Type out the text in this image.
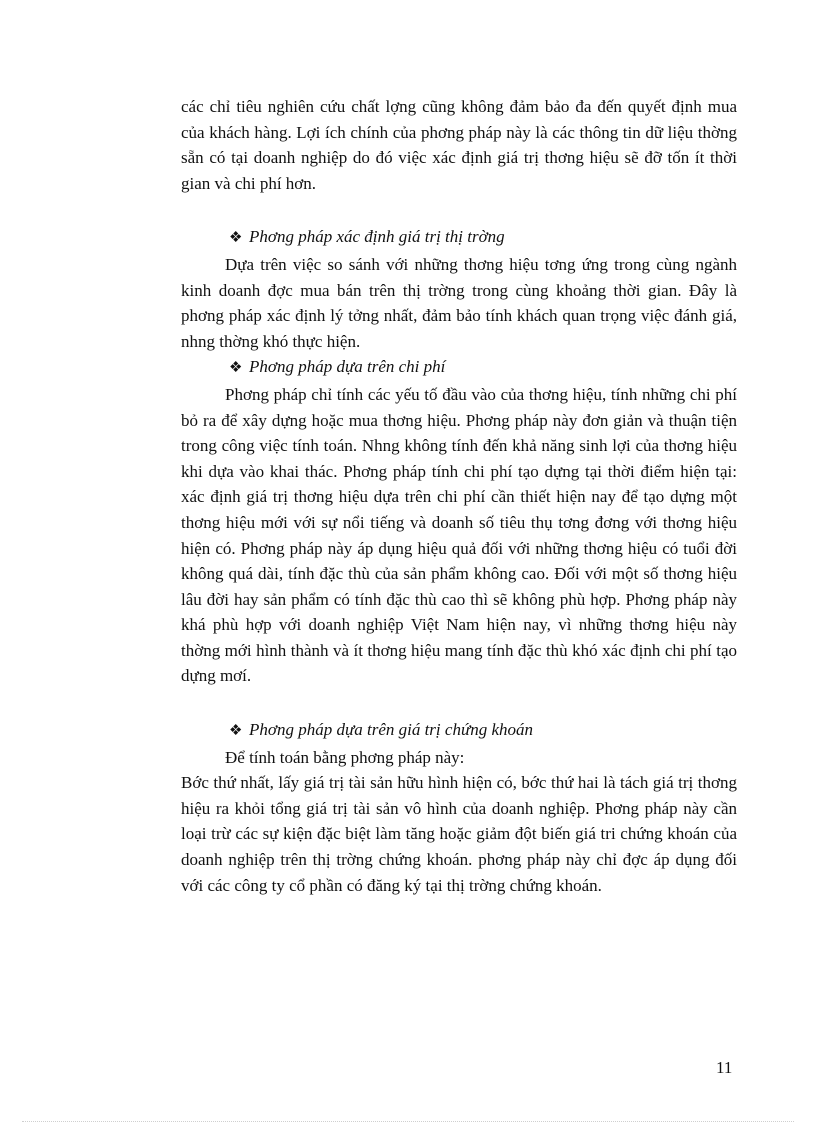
các chỉ tiêu nghiên cứu chất lợng cũng không đảm bảo đa đến quyết định mua của khách hàng. Lợi ích chính của phơng pháp này là các thông tin dữ liệu thờng sẵn có tại doanh nghiệp do đó việc xác định giá trị thơng hiệu sẽ đỡ tốn ít thời gian và chi phí hơn.

❖ Phơng pháp xác định giá trị thị trờng

Dựa trên việc so sánh với những thơng hiệu tơng ứng trong cùng ngành kinh doanh đợc mua bán trên thị trờng trong cùng khoảng thời gian. Đây là phơng pháp xác định lý tởng nhất, đảm bảo tính khách quan trọng việc đánh giá, nhng thờng khó thực hiện.

❖ Phơng pháp dựa trên chi phí

Phơng pháp chỉ tính các yếu tố đầu vào của thơng hiệu, tính những chi phí bỏ ra để xây dựng hoặc mua thơng hiệu. Phơng pháp này đơn giản và thuận tiện trong công việc tính toán. Nhng không tính đến khả năng sinh lợi của thơng hiệu khi dựa vào khai thác. Phơng pháp tính chi phí tạo dựng tại thời điểm hiện tại: xác định giá trị thơng hiệu dựa trên chi phí cần thiết hiện nay để tạo dựng một thơng hiệu mới với sự nổi tiếng và doanh số tiêu thụ tơng đơng với thơng hiệu hiện có. Phơng pháp này áp dụng hiệu quả đối với những thơng hiệu có tuổi đời không quá dài, tính đặc thù của sản phẩm không cao. Đối với một số thơng hiệu lâu đời hay sản phẩm có tính đặc thù cao thì sẽ không phù hợp. Phơng pháp này khá phù hợp với doanh nghiệp Việt Nam hiện nay, vì những thơng hiệu này thờng mới hình thành và ít thơng hiệu mang tính đặc thù khó xác định chi phí tạo dựng mơí.

❖ Phơng pháp dựa trên giá trị chứng khoán

Để tính toán bằng phơng pháp này:

Bớc thứ nhất, lấy giá trị tài sản hữu hình hiện có, bớc thứ hai là tách giá trị thơng hiệu ra khỏi tổng giá trị tài sản vô hình của doanh nghiệp. Phơng pháp này cần loại trừ các sự kiện đặc biệt làm tăng hoặc giảm đột biến giá tri chứng khoán của doanh nghiệp trên thị trờng chứng khoán. phơng pháp này chỉ đợc áp dụng đối với các công ty cổ phần có đăng ký tại thị trờng chứng khoán.

11
